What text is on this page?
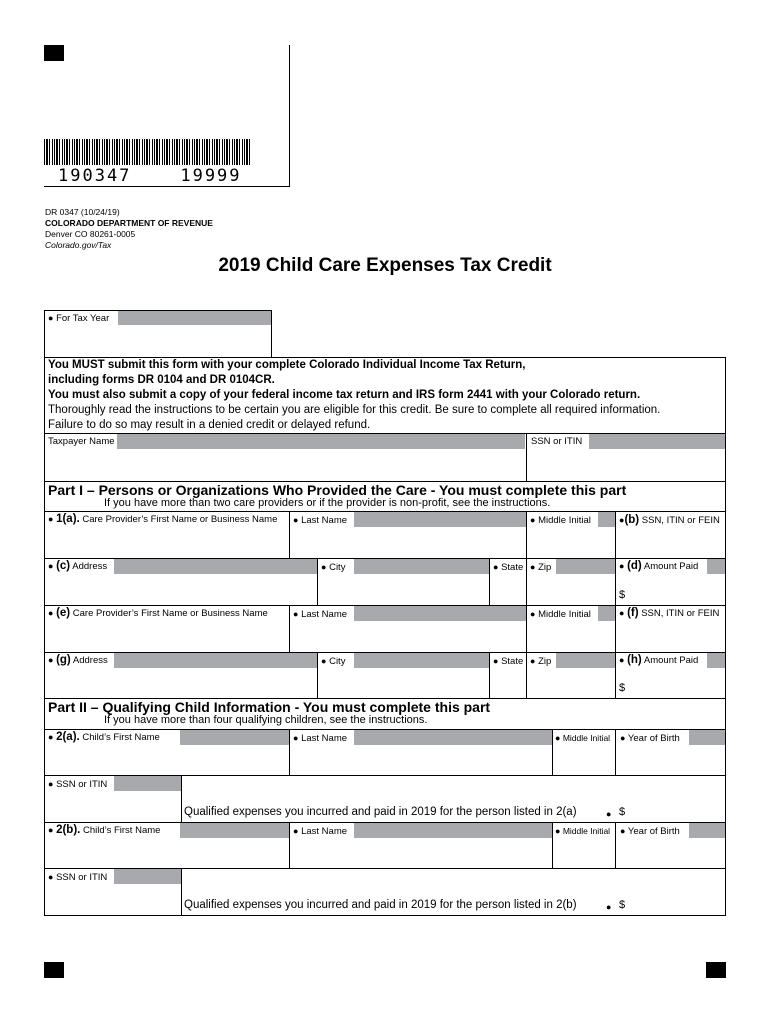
190347    19999
DR 0347 (10/24/19)
COLORADO DEPARTMENT OF REVENUE
Denver CO 80261-0005
Colorado.gov/Tax
2019 Child Care Expenses Tax Credit
● For Tax Year
You MUST submit this form with your complete Colorado Individual Income Tax Return,
including forms DR 0104 and DR 0104CR.
You must also submit a copy of your federal income tax return and IRS form 2441 with your Colorado return.
Thoroughly read the instructions to be certain you are eligible for this credit. Be sure to complete all required information.
Failure to do so may result in a denied credit or delayed refund.
Taxpayer Name	SSN or ITIN
Part I – Persons or Organizations Who Provided the Care - You must complete this part
If you have more than two care providers or if the provider is non-profit, see the instructions.
● 1(a). Care Provider’s First Name or Business Name ● Last Name	● Middle Initial	●(b) SSN, ITIN or FEIN
● (c) Address	● City	● State ● Zip	● (d) Amount Paid
$
● (e) Care Provider’s First Name or Business Name	● Last Name	● Middle Initial	● (f) SSN, ITIN or FEIN
● (g) Address	● City	● State ● Zip	● (h) Amount Paid
$
Part II – Qualifying Child Information - You must complete this part
If you have more than four qualifying children, see the instructions.
● 2(a). Child’s First Name	● Last Name	● Middle Initial ● Year of Birth
● SSN or ITIN
Qualified expenses you incurred and paid in 2019 for the person listed in 2(a)	● $
● 2(b). Child’s First Name	● Last Name	● Middle Initial ● Year of Birth
● SSN or ITIN
Qualified expenses you incurred and paid in 2019 for the person listed in 2(b)	● $
